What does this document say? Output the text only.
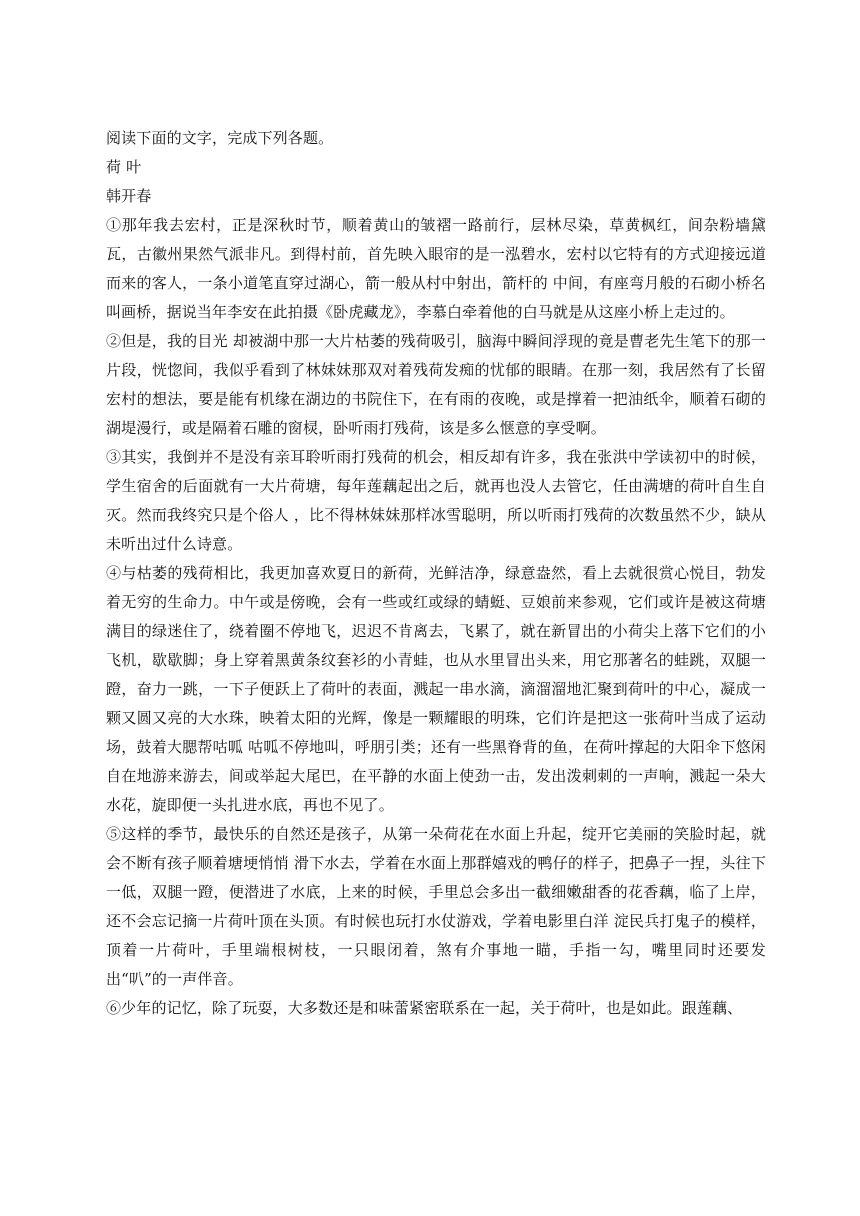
阅读下面的文字，完成下列各题。

荷 叶

韩开春

①那年我去宏村，正是深秋时节，顺着黄山的皱褶一路前行，层林尽染，草黄枫红，间杂粉墙黛瓦，古徽州果然气派非凡。到得村前，首先映入眼帘的是一泓碧水，宏村以它特有的方式迎接远道而来的客人，一条小道笔直穿过湖心，箭一般从村中射出，箭杆的 中间，有座弯月般的石砌小桥名叫画桥，据说当年李安在此拍摄《卧虎藏龙》，李慕白牵着他的白马就是从这座小桥上走过的。

②但是，我的目光 却被湖中那一大片枯萎的残荷吸引，脑海中瞬间浮现的竟是曹老先生笔下的那一片段，恍惚间，我似乎看到了林妹妹那双对着残荷发痴的忧郁的眼睛。在那一刻，我居然有了长留宏村的想法，要是能有机缘在湖边的书院住下，在有雨的夜晚，或是撑着一把油纸伞，顺着石砌的湖堤漫行，或是隔着石雕的窗棂，卧听雨打残荷，该是多么惬意的享受啊。

③其实，我倒并不是没有亲耳聆听雨打残荷的机会，相反却有许多，我在张洪中学读初中的时候，学生宿舍的后面就有一大片荷塘，每年莲藕起出之后，就再也没人去管它，任由满塘的荷叶自生自灭。然而我终究只是个俗人 ，比不得林妹妹那样冰雪聪明，所以听雨打残荷的次数虽然不少，缺从未听出过什么诗意。

④与枯萎的残荷相比，我更加喜欢夏日的新荷，光鲜洁净，绿意盎然，看上去就很赏心悦目，勃发着无穷的生命力。中午或是傍晚，会有一些或红或绿的蜻蜓、豆娘前来参观，它们或许是被这荷塘满目的绿迷住了，绕着圈不停地飞，迟迟不肯离去，飞累了，就在新冒出的小荷尖上落下它们的小飞机，歇歇脚；身上穿着黑黄条纹套衫的小青蛙，也从水里冒出头来，用它那著名的蛙跳，双腿一蹬，奋力一跳，一下子便跃上了荷叶的表面，溅起一串水滴，滴溜溜地汇聚到荷叶的中心，凝成一颗又圆又亮的大水珠，映着太阳的光辉，像是一颗耀眼的明珠，它们许是把这一张荷叶当成了运动场，鼓着大腮帮咕呱 咕呱不停地叫，呼朋引类；还有一些黑脊背的鱼，在荷叶撑起的大阳伞下悠闲自在地游来游去，间或举起大尾巴，在平静的水面上使劲一击，发出泼刺刺的一声响，溅起一朵大水花，旋即便一头扎进水底，再也不见了。

⑤这样的季节，最快乐的自然还是孩子，从第一朵荷花在水面上升起，绽开它美丽的笑脸时起，就会不断有孩子顺着塘埂悄悄 滑下水去，学着在水面上那群嬉戏的鸭仔的样子，把鼻子一捏，头往下一低，双腿一蹬，便潜进了水底，上来的时候，手里总会多出一截细嫩甜香的花香藕，临了上岸，还不会忘记摘一片荷叶顶在头顶。有时候也玩打水仗游戏，学着电影里白洋 淀民兵打鬼子的模样，顶着一片荷叶，手里端根树枝，一只眼闭着，煞有介事地一瞄，手指一勾，嘴里同时还要发出“叭”的一声伴音。

⑥少年的记忆，除了玩耍，大多数还是和味蕾紧密联系在一起，关于荷叶，也是如此。跟莲藕、
